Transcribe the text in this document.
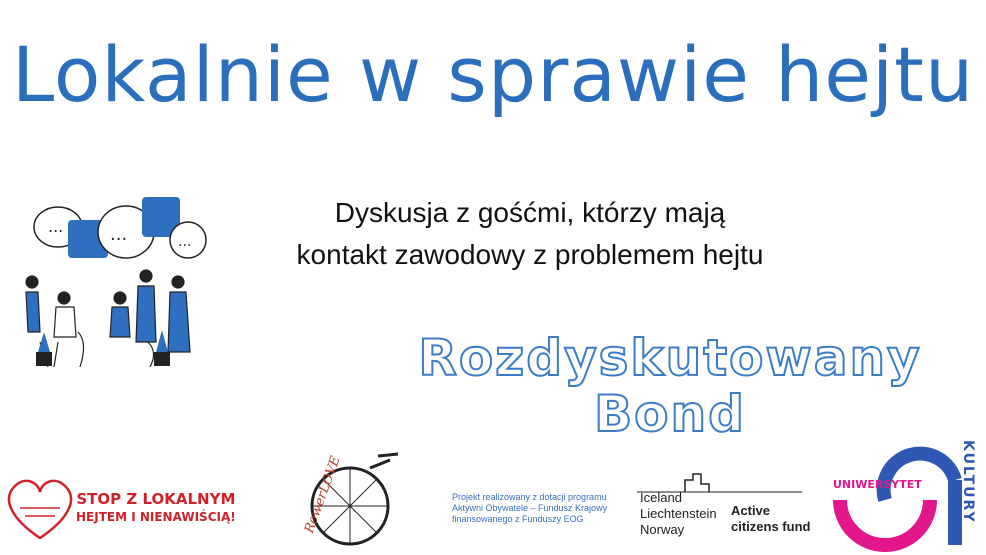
Lokalnie w sprawie hejtu
...	...	...
Dyskusja z gośćmi, którzy mają
kontakt zawodowy z problemem hejtu
Rozdyskutowany
Bond
STOP Z LOKALNYM
HEJTEM I NIENAWIŚCIĄ!	RowerLOVE	Projekt realizowany z dotacji programu Aktywni Obywatele – Fundusz Krajowy finansowanego z Funduszy EOG
Iceland
Liechtenstein
Norway
Active
citizens fund
UNIWERSYTET	KULTURY
